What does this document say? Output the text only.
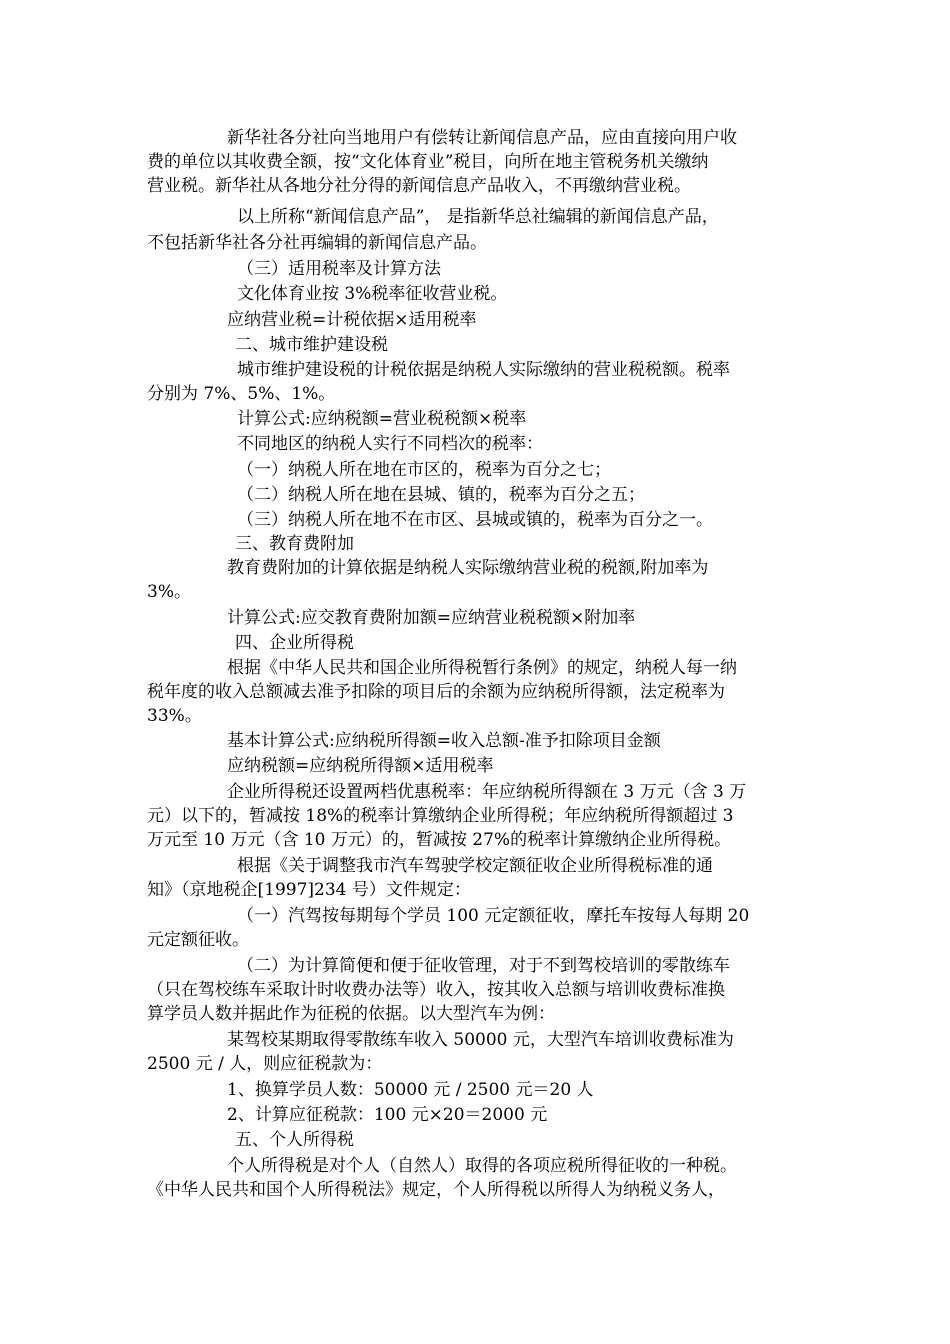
新华社各分社向当地用户有偿转让新闻信息产品，应由直接向用户收
费的单位以其收费全额，按“文化体育业”税目，向所在地主管税务机关缴纳
营业税。新华社从各地分社分得的新闻信息产品收入，不再缴纳营业税。
以上所称“新闻信息产品”， 是指新华总社编辑的新闻信息产品，
不包括新华社各分社再编辑的新闻信息产品。
（三）适用税率及计算方法
文化体育业按 3%税率征收营业税。
应纳营业税=计税依据×适用税率
二、城市维护建设税
城市维护建设税的计税依据是纳税人实际缴纳的营业税税额。税率
分别为 7%、5%、1%。
计算公式:应纳税额=营业税税额×税率
不同地区的纳税人实行不同档次的税率：
（一）纳税人所在地在市区的，税率为百分之七；
（二）纳税人所在地在县城、镇的，税率为百分之五；
（三）纳税人所在地不在市区、县城或镇的，税率为百分之一。
三、教育费附加
教育费附加的计算依据是纳税人实际缴纳营业税的税额,附加率为
3%。
计算公式:应交教育费附加额=应纳营业税税额×附加率
四、企业所得税
根据《中华人民共和国企业所得税暂行条例》的规定，纳税人每一纳
税年度的收入总额减去准予扣除的项目后的余额为应纳税所得额，法定税率为
33%。
基本计算公式:应纳税所得额=收入总额-准予扣除项目金额
应纳税额=应纳税所得额×适用税率
企业所得税还设置两档优惠税率：年应纳税所得额在 3 万元（含 3 万
元）以下的，暂减按 18%的税率计算缴纳企业所得税；年应纳税所得额超过 3
万元至 10 万元（含 10 万元）的，暂减按 27%的税率计算缴纳企业所得税。
根据《关于调整我市汽车驾驶学校定额征收企业所得税标准的通
知》（京地税企[1997]234 号）文件规定：
（一）汽驾按每期每个学员 100 元定额征收，摩托车按每人每期 20
元定额征收。
（二）为计算简便和便于征收管理，对于不到驾校培训的零散练车
（只在驾校练车采取计时收费办法等）收入，按其收入总额与培训收费标准换
算学员人数并据此作为征税的依据。以大型汽车为例：
某驾校某期取得零散练车收入 50000 元，大型汽车培训收费标准为
2500 元 / 人，则应征税款为：
1、换算学员人数：50000 元 / 2500 元＝20 人
2、计算应征税款：100 元×20＝2000 元
五、个人所得税
个人所得税是对个人（自然人）取得的各项应税所得征收的一种税。
《中华人民共和国个人所得税法》规定，个人所得税以所得人为纳税义务人，
